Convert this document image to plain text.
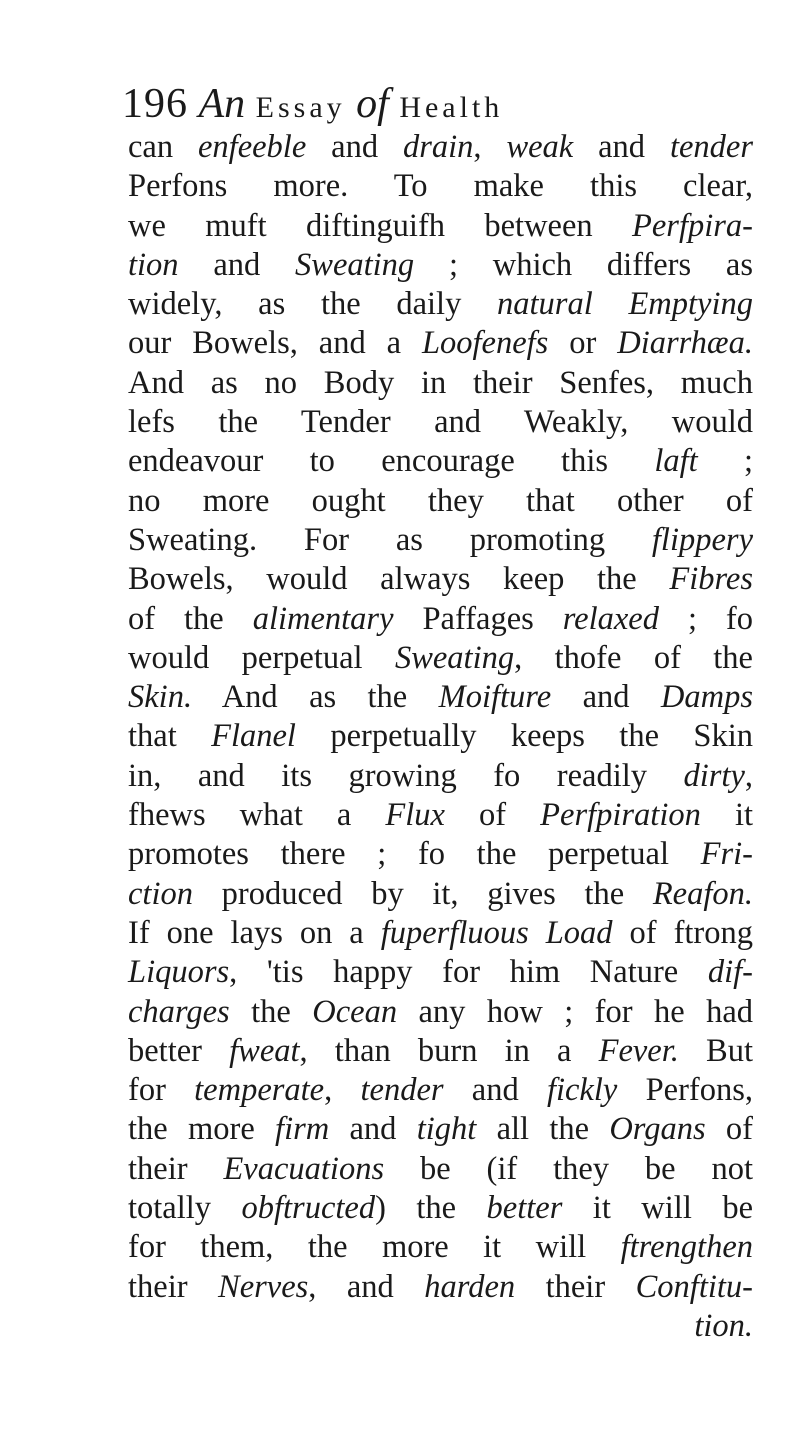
196 An Essay of Health
can enfeeble and drain, weak and tender
Perfons more. To make this clear,
we muft diftinguifh between Perfpira-
tion and Sweating ; which differs as
widely, as the daily natural Emptying
our Bowels, and a Loofenefs or Diarrhæa.
And as no Body in their Senfes, much
lefs the Tender and Weakly, would
endeavour to encourage this laft ;
no more ought they that other of
Sweating. For as promoting flippery
Bowels, would always keep the Fibres
of the alimentary Paffages relaxed ; fo
would perpetual Sweating, thofe of the
Skin. And as the Moifture and Damps
that Flanel perpetually keeps the Skin
in, and its growing fo readily dirty,
fhews what a Flux of Perfpiration it
promotes there ; fo the perpetual Fri-
ction produced by it, gives the Reafon.
If one lays on a fuperfluous Load of ftrong
Liquors, 'tis happy for him Nature dif-
charges the Ocean any how ; for he had
better fweat, than burn in a Fever. But
for temperate, tender and fickly Perfons,
the more firm and tight all the Organs of
their Evacuations be (if they be not
totally obftructed) the better it will be
for them, the more it will ftrengthen
their Nerves, and harden their Conftitu-
tion.
